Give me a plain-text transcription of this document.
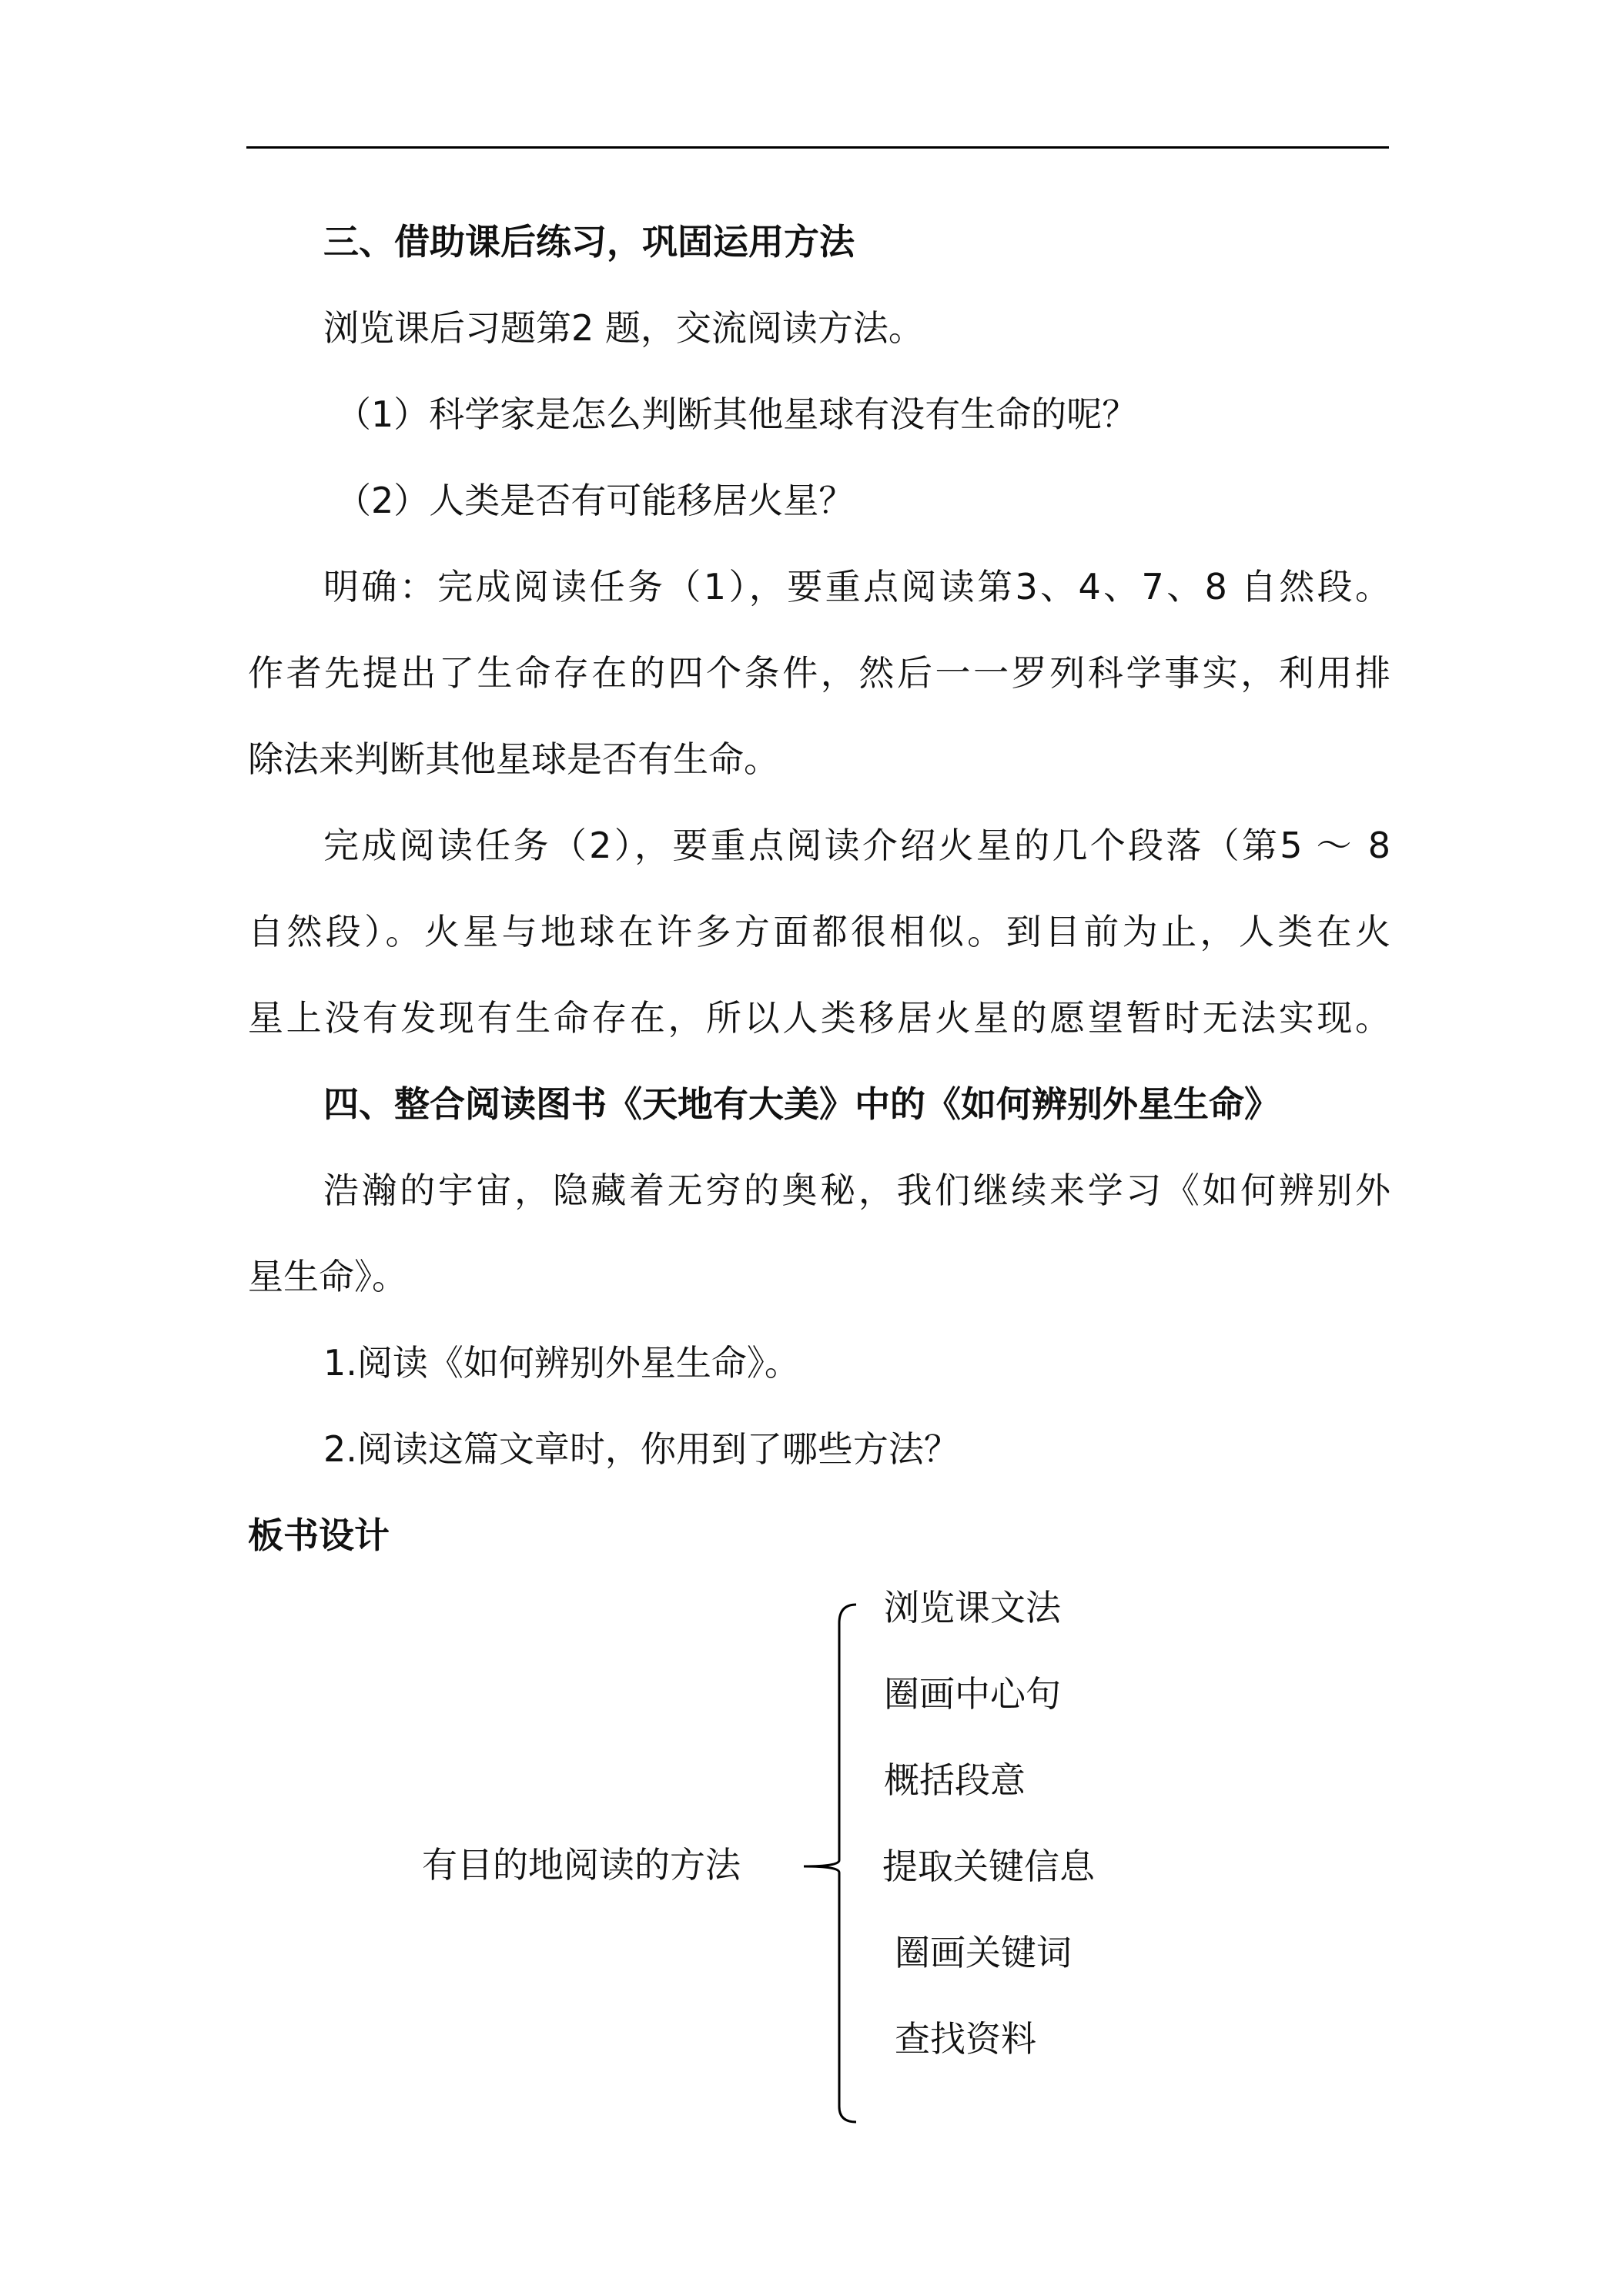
三、借助课后练习，巩固运用方法
浏览课后习题第2 题，交流阅读方法。
（1）科学家是怎么判断其他星球有没有生命的呢？
（2）人类是否有可能移居火星？
明确：完成阅读任务（1），要重点阅读第3、4、7、8 自然段。
作者先提出了生命存在的四个条件，然后一一罗列科学事实，利用排
除法来判断其他星球是否有生命。
完成阅读任务（2），要重点阅读介绍火星的几个段落（第5 ～ 8
自然段）。火星与地球在许多方面都很相似。到目前为止，人类在火
星上没有发现有生命存在，所以人类移居火星的愿望暂时无法实现。
四、整合阅读图书《天地有大美》中的《如何辨别外星生命》
浩瀚的宇宙，隐藏着无穷的奥秘，我们继续来学习《如何辨别外
星生命》。
1.阅读《如何辨别外星生命》。
2.阅读这篇文章时，你用到了哪些方法？
板书设计
有目的地阅读的方法
浏览课文法
圈画中心句
概括段意
提取关键信息
圈画关键词
查找资料
